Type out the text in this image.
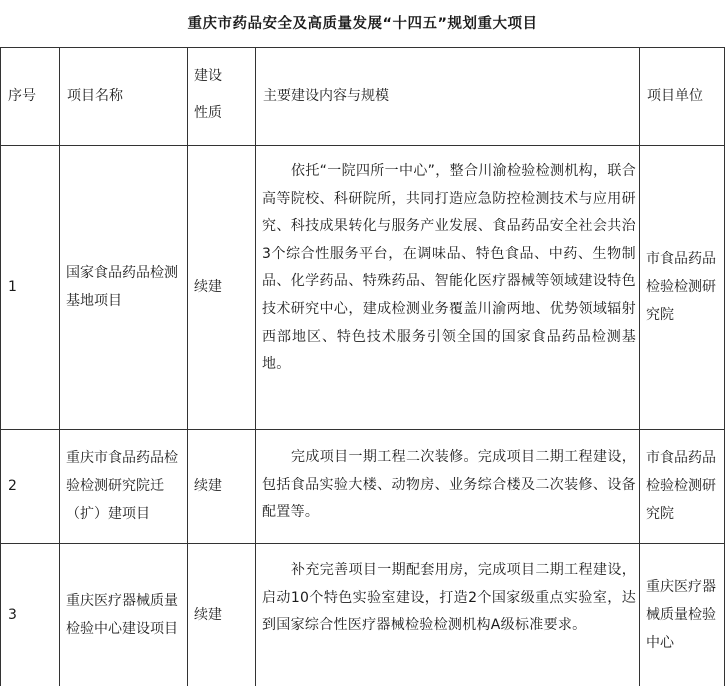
重庆市药品安全及高质量发展“十四五”规划重大项目
序号	项目名称
建设
性质
主要建设内容与规模	项目单位
1
国家食品药品检测基地项目
续建
依托“一院四所一中心”，整合川渝检验检测机构，联合高等院校、科研院所，共同打造应急防控检测技术与应用研究、科技成果转化与服务产业发展、食品药品安全社会共治3个综合性服务平台，在调味品、特色食品、中药、生物制品、化学药品、特殊药品、智能化医疗器械等领域建设特色技术研究中心，建成检测业务覆盖川渝两地、优势领域辐射西部地区、特色技术服务引领全国的国家食品药品检测基地。
市食品药品检验检测研究院
2
重庆市食品药品检验检测研究院迁（扩）建项目
续建
完成项目一期工程二次装修。完成项目二期工程建设，包括食品实验大楼、动物房、业务综合楼及二次装修、设备配置等。
市食品药品检验检测研究院
3
重庆医疗器械质量检验中心建设项目
续建
补充完善项目一期配套用房，完成项目二期工程建设，启动10个特色实验室建设，打造2个国家级重点实验室，达到国家综合性医疗器械检验检测机构A级标准要求。
重庆医疗器械质量检验中心
